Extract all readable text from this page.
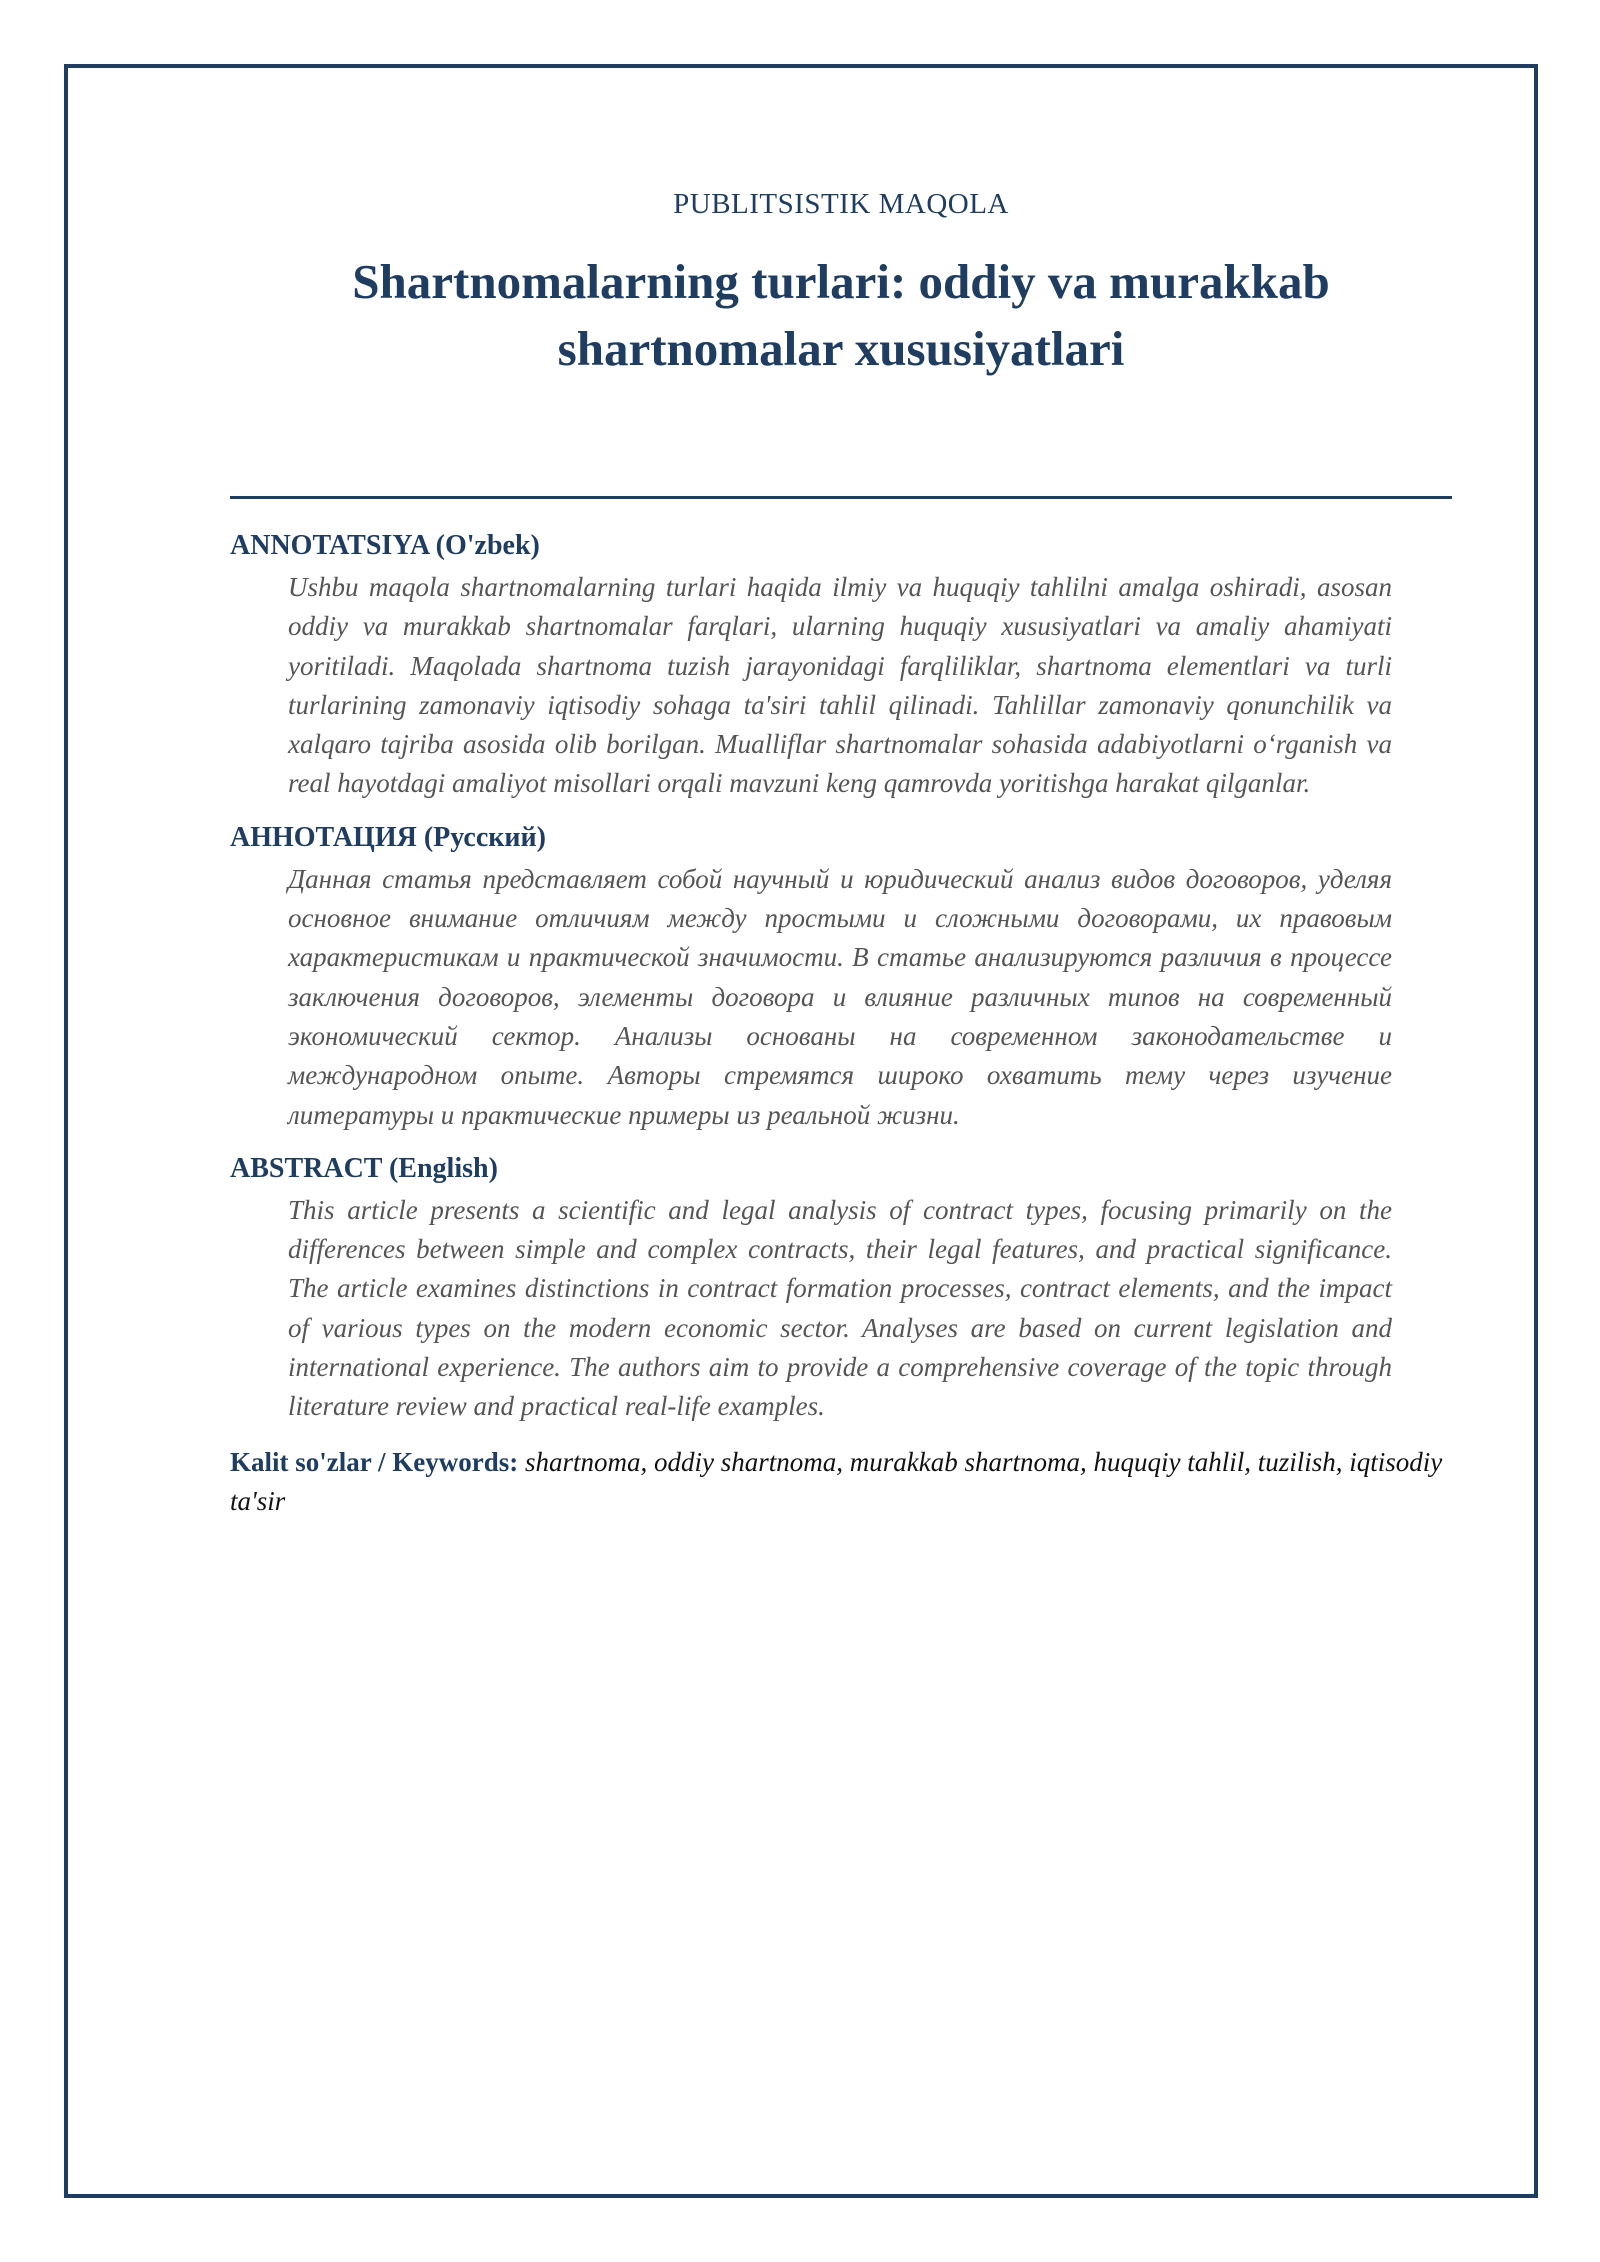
PUBLITSISTIK MAQOLA
Shartnomalarning turlari: oddiy va murakkab shartnomalar xususiyatlari
ANNOTATSIYA (O'zbek)

Ushbu maqola shartnomalarning turlari haqida ilmiy va huquqiy tahlilni amalga oshiradi, asosan oddiy va murakkab shartnomalar farqlari, ularning huquqiy xususiyatlari va amaliy ahamiyati yoritiladi. Maqolada shartnoma tuzish jarayonidagi farqliliklar, shartnoma elementlari va turli turlarining zamonaviy iqtisodiy sohaga ta'siri tahlil qilinadi. Tahlillar zamonaviy qonunchilik va xalqaro tajriba asosida olib borilgan. Mualliflar shartnomalar sohasida adabiyotlarni o‘rganish va real hayotdagi amaliyot misollari orqali mavzuni keng qamrovda yoritishga harakat qilganlar.

АННОТАЦИЯ (Русский)

Данная статья представляет собой научный и юридический анализ видов договоров, уделяя основное внимание отличиям между простыми и сложными договорами, их правовым характеристикам и практической значимости. В статье анализируются различия в процессе заключения договоров, элементы договора и влияние различных типов на современный экономический сектор. Анализы основаны на современном законодательстве и международном опыте. Авторы стремятся широко охватить тему через изучение литературы и практические примеры из реальной жизни.

ABSTRACT (English)

This article presents a scientific and legal analysis of contract types, focusing primarily on the differences between simple and complex contracts, their legal features, and practical significance. The article examines distinctions in contract formation processes, contract elements, and the impact of various types on the modern economic sector. Analyses are based on current legislation and international experience. The authors aim to provide a comprehensive coverage of the topic through literature review and practical real-life examples.

Kalit so'zlar / Keywords: shartnoma, oddiy shartnoma, murakkab shartnoma, huquqiy tahlil, tuzilish, iqtisodiy ta'sir
